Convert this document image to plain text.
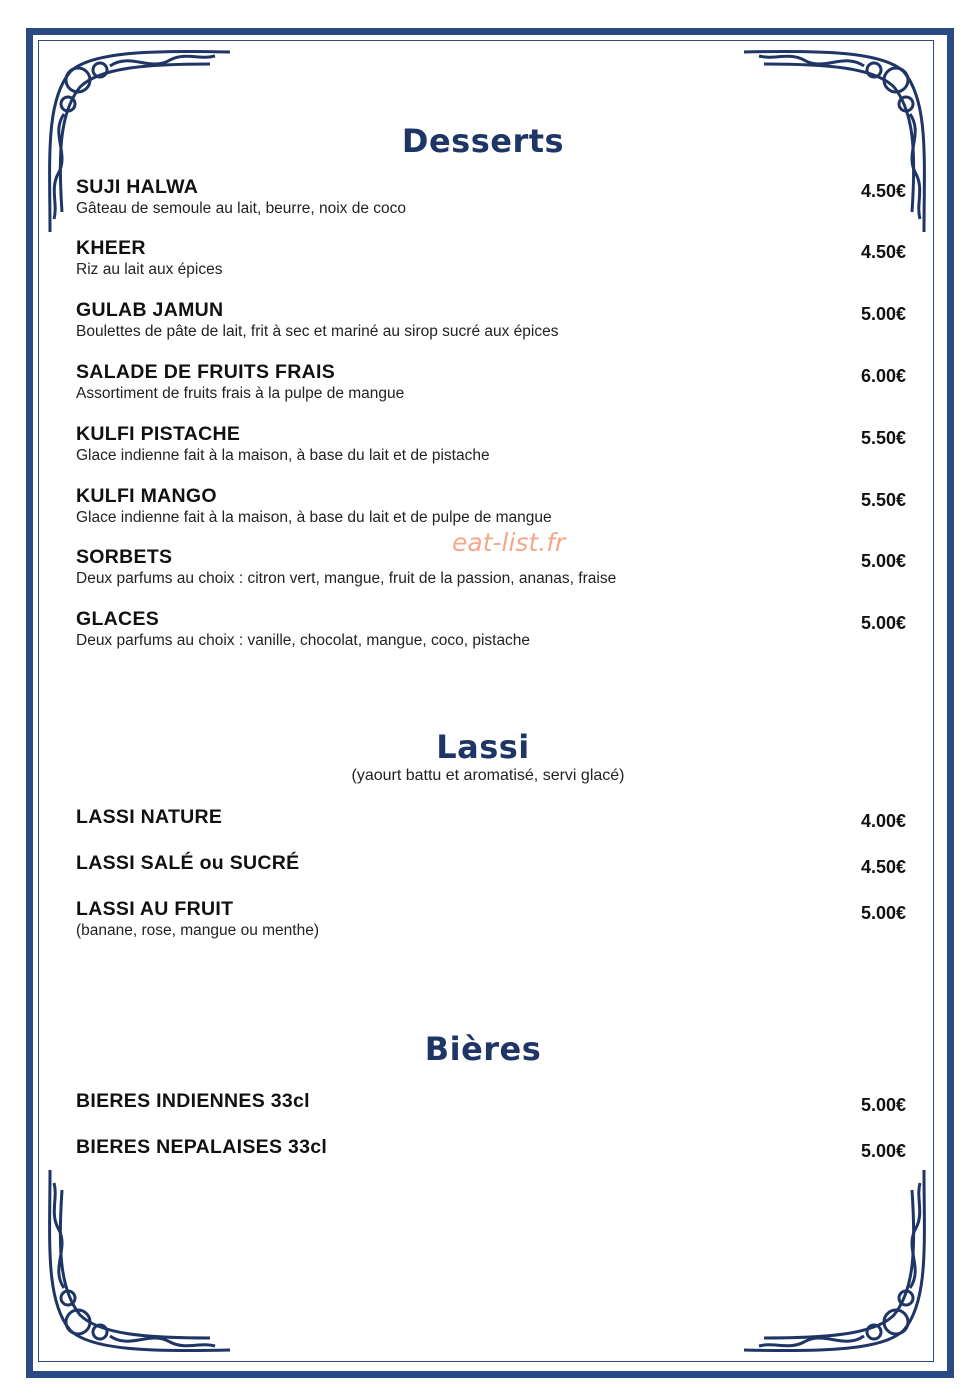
Desserts
SUJI HALWA
Gâteau de semoule au lait, beurre, noix de coco
4.50€
KHEER
Riz au lait aux épices
4.50€
GULAB JAMUN
Boulettes de pâte de lait, frit à sec et mariné au sirop sucré aux épices
5.00€
SALADE DE FRUITS FRAIS
Assortiment de fruits frais à la pulpe de mangue
6.00€
KULFI PISTACHE
Glace indienne fait à la maison, à base du lait et de pistache
5.50€
KULFI MANGO
Glace indienne fait à la maison, à base du lait et de pulpe de mangue
5.50€
SORBETS
Deux parfums au choix : citron vert, mangue, fruit de la passion, ananas, fraise
5.00€
GLACES
Deux parfums au choix : vanille, chocolat, mangue, coco, pistache
5.00€
eat-list.fr
Lassi
(yaourt battu et aromatisé, servi glacé)
LASSI NATURE	4.00€
LASSI SALÉ ou SUCRÉ	4.50€
LASSI AU FRUIT
(banane, rose, mangue ou menthe)
5.00€
Bières
BIERES INDIENNES 33cl	5.00€
BIERES NEPALAISES 33cl	5.00€
